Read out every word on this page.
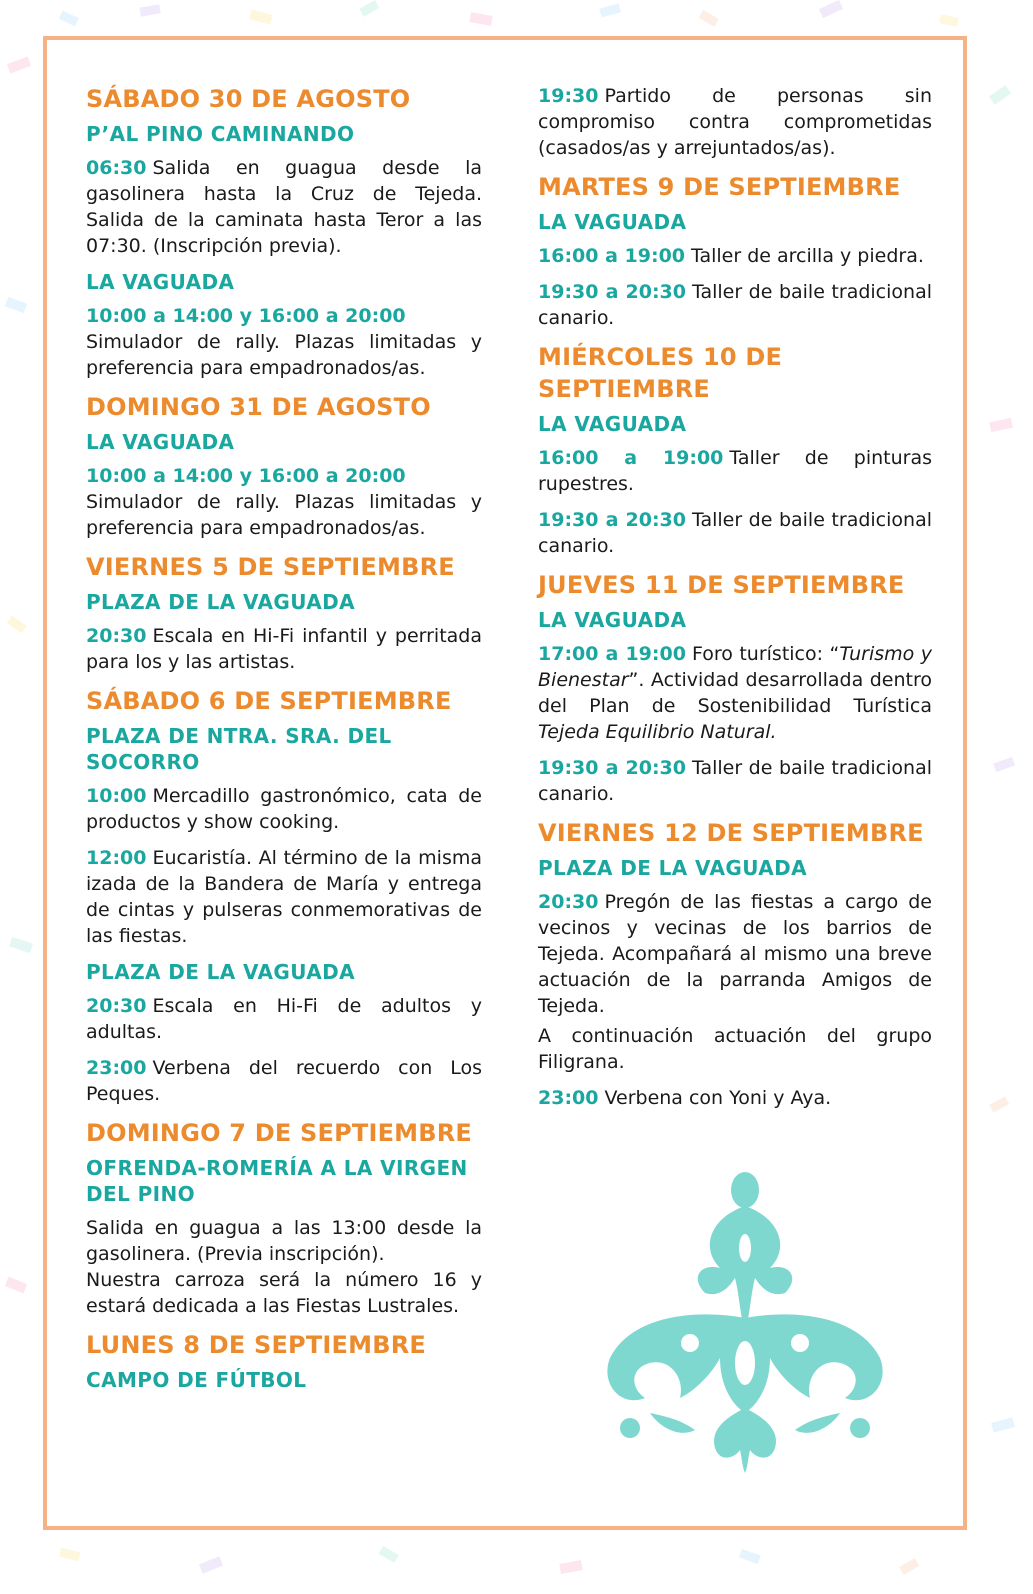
SÁBADO 30 DE AGOSTO
P’AL PINO CAMINANDO

06:30 Salida en guagua desde la gasolinera hasta la Cruz de Tejeda. Salida de la caminata hasta Teror a las 07:30. (Inscripción previa).

LA VAGUADA

10:00 a 14:00 y 16:00 a 20:00
Simulador de rally. Plazas limitadas y preferencia para empadronados/as.

DOMINGO 31 DE AGOSTO
LA VAGUADA

10:00 a 14:00 y 16:00 a 20:00
Simulador de rally. Plazas limitadas y preferencia para empadronados/as.

VIERNES 5 DE SEPTIEMBRE
PLAZA DE LA VAGUADA

20:30 Escala en Hi-Fi infantil y perritada para los y las artistas.

SÁBADO 6 DE SEPTIEMBRE
PLAZA DE NTRA. SRA. DEL SOCORRO

10:00 Mercadillo gastronómico, cata de productos y show cooking.

12:00 Eucaristía. Al término de la misma izada de la Bandera de María y entrega de cintas y pulseras conmemorativas de las fiestas.

PLAZA DE LA VAGUADA

20:30 Escala en Hi-Fi de adultos y adultas.

23:00 Verbena del recuerdo con Los Peques.

DOMINGO 7 DE SEPTIEMBRE
OFRENDA-ROMERÍA A LA VIRGEN DEL PINO

Salida en guagua a las 13:00 desde la gasolinera. (Previa inscripción).

Nuestra carroza será la número 16 y estará dedicada a las Fiestas Lustrales.

LUNES 8 DE SEPTIEMBRE
CAMPO DE FÚTBOL

19:30 Partido de personas sin compromiso contra comprometidas (casados/as y arrejuntados/as).

MARTES 9 DE SEPTIEMBRE
LA VAGUADA

16:00 a 19:00 Taller de arcilla y piedra.

19:30 a 20:30 Taller de baile tradicional canario.

MIÉRCOLES 10 DE SEPTIEMBRE
LA VAGUADA

16:00 a 19:00 Taller de pinturas rupestres.

19:30 a 20:30 Taller de baile tradicional canario.

JUEVES 11 DE SEPTIEMBRE
LA VAGUADA

17:00 a 19:00 Foro turístico: “Turismo y Bienestar”. Actividad desarrollada dentro del Plan de Sostenibilidad Turística Tejeda Equilibrio Natural.

19:30 a 20:30 Taller de baile tradicional canario.

VIERNES 12 DE SEPTIEMBRE
PLAZA DE LA VAGUADA

20:30 Pregón de las fiestas a cargo de vecinos y vecinas de los barrios de Tejeda. Acompañará al mismo una breve actuación de la parranda Amigos de Tejeda.

A continuación actuación del grupo Filigrana.

23:00 Verbena con Yoni y Aya.
